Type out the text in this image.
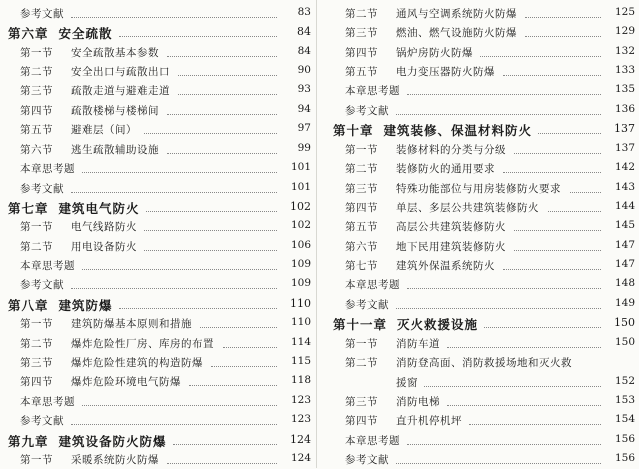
参考文献	83
第六章 安全疏散	84
第一节 安全疏散基本参数	84
第二节 安全出口与疏散出口	90
第三节 疏散走道与避难走道	93
第四节 疏散楼梯与楼梯间	94
第五节 避难层（间）	97
第六节 逃生疏散辅助设施	99
本章思考题	101
参考文献	101
第七章 建筑电气防火	102
第一节 电气线路防火	102
第二节 用电设备防火	106
本章思考题	109
参考文献	109
第八章 建筑防爆	110
第一节 建筑防爆基本原则和措施	110
第二节 爆炸危险性厂房、库房的布置	114
第三节 爆炸危险性建筑的构造防爆	115
第四节 爆炸危险环境电气防爆	118
本章思考题	123
参考文献	123
第九章 建筑设备防火防爆	124
第一节 采暖系统防火防爆	124
第二节 通风与空调系统防火防爆	125
第三节 燃油、燃气设施防火防爆	129
第四节 锅炉房防火防爆	132
第五节 电力变压器防火防爆	133
本章思考题	135
参考文献	136
第十章 建筑装修、保温材料防火	137
第一节 装修材料的分类与分级	137
第二节 装修防火的通用要求	142
第三节 特殊功能部位与用房装修防火要求	143
第四节 单层、多层公共建筑装修防火	144
第五节 高层公共建筑装修防火	145
第六节 地下民用建筑装修防火	147
第七节 建筑外保温系统防火	147
本章思考题	148
参考文献	149
第十一章 灭火救援设施	150
第一节 消防车道	150
第二节 消防登高面、消防救援场地和灭火救
援窗	152
第三节 消防电梯	153
第四节 直升机停机坪	154
本章思考题	156
参考文献	156
